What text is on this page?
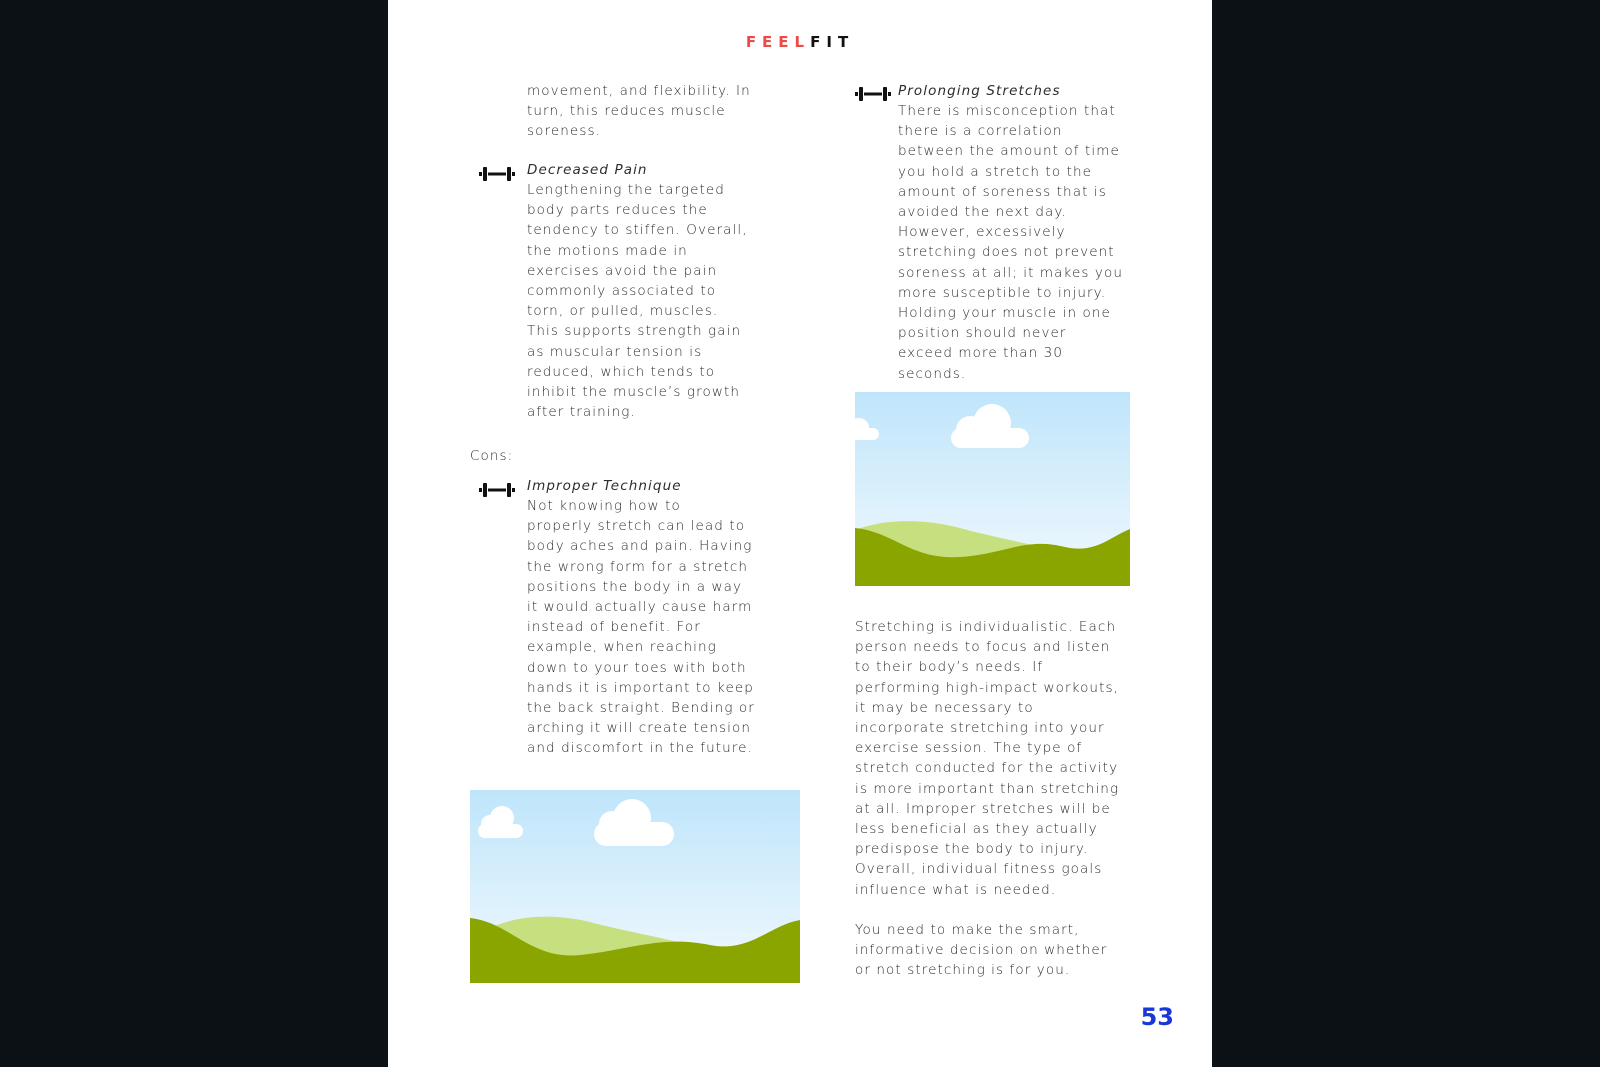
FEELFIT
movement, and flexibility. In
turn, this reduces muscle
soreness.
Decreased Pain
Lengthening the targeted
body parts reduces the
tendency to stiffen. Overall,
the motions made in
exercises avoid the pain
commonly associated to
torn, or pulled, muscles.
This supports strength gain
as muscular tension is
reduced, which tends to
inhibit the muscle’s growth
after training.
Cons:
Improper Technique
Not knowing how to
properly stretch can lead to
body aches and pain. Having
the wrong form for a stretch
positions the body in a way
it would actually cause harm
instead of benefit. For
example, when reaching
down to your toes with both
hands it is important to keep
the back straight. Bending or
arching it will create tension
and discomfort in the future.
Prolonging Stretches
There is misconception that
there is a correlation
between the amount of time
you hold a stretch to the
amount of soreness that is
avoided the next day.
However, excessively
stretching does not prevent
soreness at all; it makes you
more susceptible to injury.
Holding your muscle in one
position should never
exceed more than 30
seconds.
Stretching is individualistic. Each
person needs to focus and listen
to their body’s needs. If
performing high-impact workouts,
it may be necessary to
incorporate stretching into your
exercise session. The type of
stretch conducted for the activity
is more important than stretching
at all. Improper stretches will be
less beneficial as they actually
predispose the body to injury.
Overall, individual fitness goals
influence what is needed.
You need to make the smart,
informative decision on whether
or not stretching is for you.
53
